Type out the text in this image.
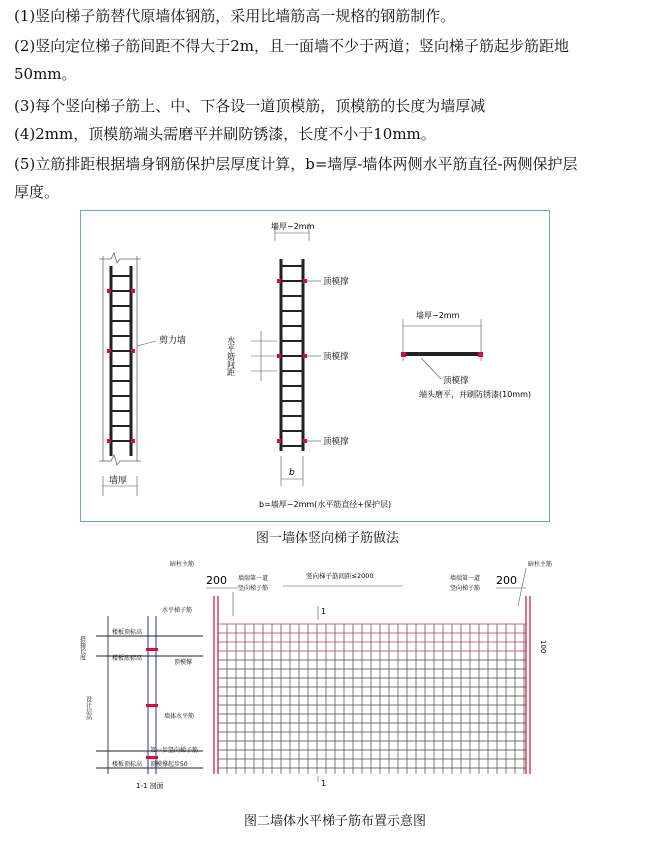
(1)竖向梯子筋替代原墙体钢筋，采用比墙筋高一规格的钢筋制作。
(2)竖向定位梯子筋间距不得大于2m，且一面墙不少于两道；竖向梯子筋起步筋距地
50mm。
(3)每个竖向梯子筋上、中、下各设一道顶模筋，顶模筋的长度为墙厚减
(4)2mm，顶模筋端头需磨平并刷防锈漆，长度不小于10mm。
(5)立筋排距根据墙身钢筋保护层厚度计算，b=墙厚-墙体两侧水平筋直径-两侧保护层
厚度。
剪力墙
墙厚
墙厚−2mm
顶模撑
顶模撑
顶模撑
水平筋间距
b
b=墙厚−2mm(水平筋直径+保护层)
墙厚−2mm
顶模撑
端头磨平，并刷防锈漆(10mm)
图一墙体竖向梯子筋做法
搭接长度
设计层高
楼板顶标高
楼板底标高
楼板顶标高
水平梯子筋
顶模撑
墙体水平筋
第一步竖向梯子筋
顶模撑起步50
1-1 剖面
暗柱主筋
200 墙端第一道
竖向梯子筋
竖向梯子筋间距≤2000	墙端第一道
竖向梯子筋
200
暗柱主筋
100
1
1
图二墙体水平梯子筋布置示意图
